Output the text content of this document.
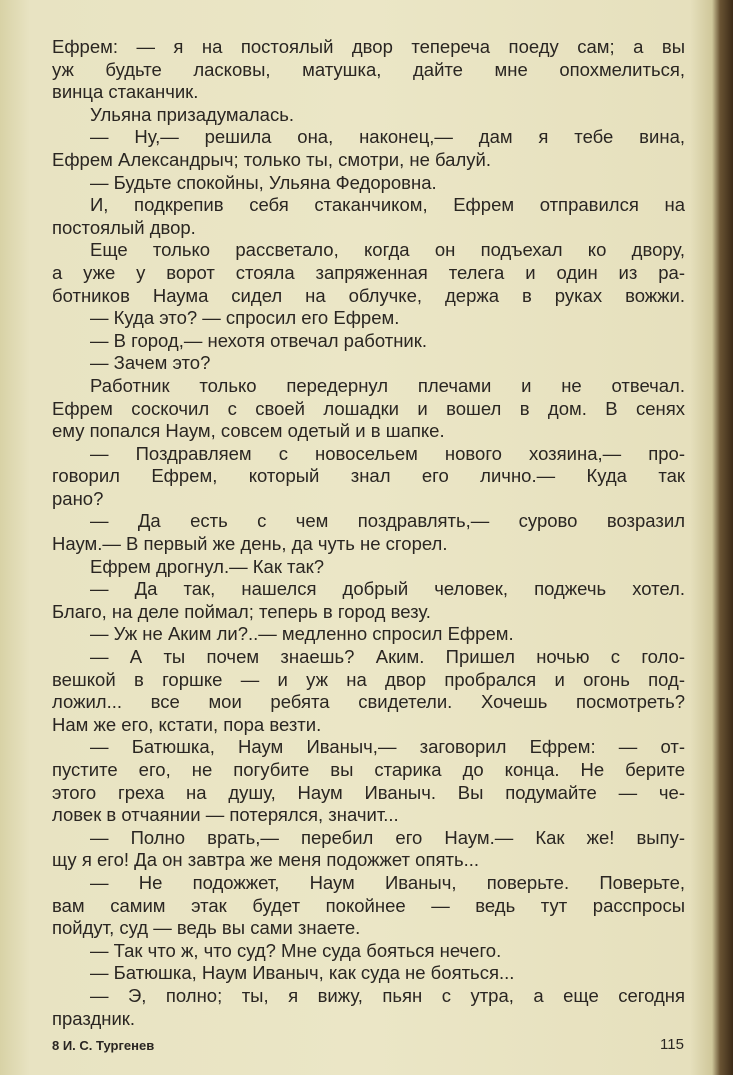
Ефрем: — я на постоялый двор тепереча поеду сам; а вы
уж будьте ласковы, матушка, дайте мне опохмелиться,
винца стаканчик.
Ульяна призадумалась.
— Ну,— решила она, наконец,— дам я тебе вина,
Ефрем Александрыч; только ты, смотри, не балуй.
— Будьте спокойны, Ульяна Федоровна.
И, подкрепив себя стаканчиком, Ефрем отправился на
постоялый двор.
Еще только рассветало, когда он подъехал ко двору,
а уже у ворот стояла запряженная телега и один из ра-
ботников Наума сидел на облучке, держа в руках вожжи.
— Куда это? — спросил его Ефрем.
— В город,— нехотя отвечал работник.
— Зачем это?
Работник только передернул плечами и не отвечал.
Ефрем соскочил с своей лошадки и вошел в дом. В сенях
ему попался Наум, совсем одетый и в шапке.
— Поздравляем с новосельем нового хозяина,— про-
говорил Ефрем, который знал его лично.— Куда так
рано?
— Да есть с чем поздравлять,— сурово возразил
Наум.— В первый же день, да чуть не сгорел.
Ефрем дрогнул.— Как так?
— Да так, нашелся добрый человек, поджечь хотел.
Благо, на деле поймал; теперь в город везу.
— Уж не Аким ли?..— медленно спросил Ефрем.
— А ты почем знаешь? Аким. Пришел ночью с голо-
вешкой в горшке — и уж на двор пробрался и огонь под-
ложил... все мои ребята свидетели. Хочешь посмотреть?
Нам же его, кстати, пора везти.
— Батюшка, Наум Иваныч,— заговорил Ефрем: — от-
пустите его, не погубите вы старика до конца. Не берите
этого греха на душу, Наум Иваныч. Вы подумайте — че-
ловек в отчаянии — потерялся, значит...
— Полно врать,— перебил его Наум.— Как же! выпу-
щу я его! Да он завтра же меня подожжет опять...
— Не подожжет, Наум Иваныч, поверьте. Поверьте,
вам самим этак будет покойнее — ведь тут расспросы
пойдут, суд — ведь вы сами знаете.
— Так что ж, что суд? Мне суда бояться нечего.
— Батюшка, Наум Иваныч, как суда не бояться...
— Э, полно; ты, я вижу, пьян с утра, а еще сегодня
праздник.
8 И. С. Тургенев	115
